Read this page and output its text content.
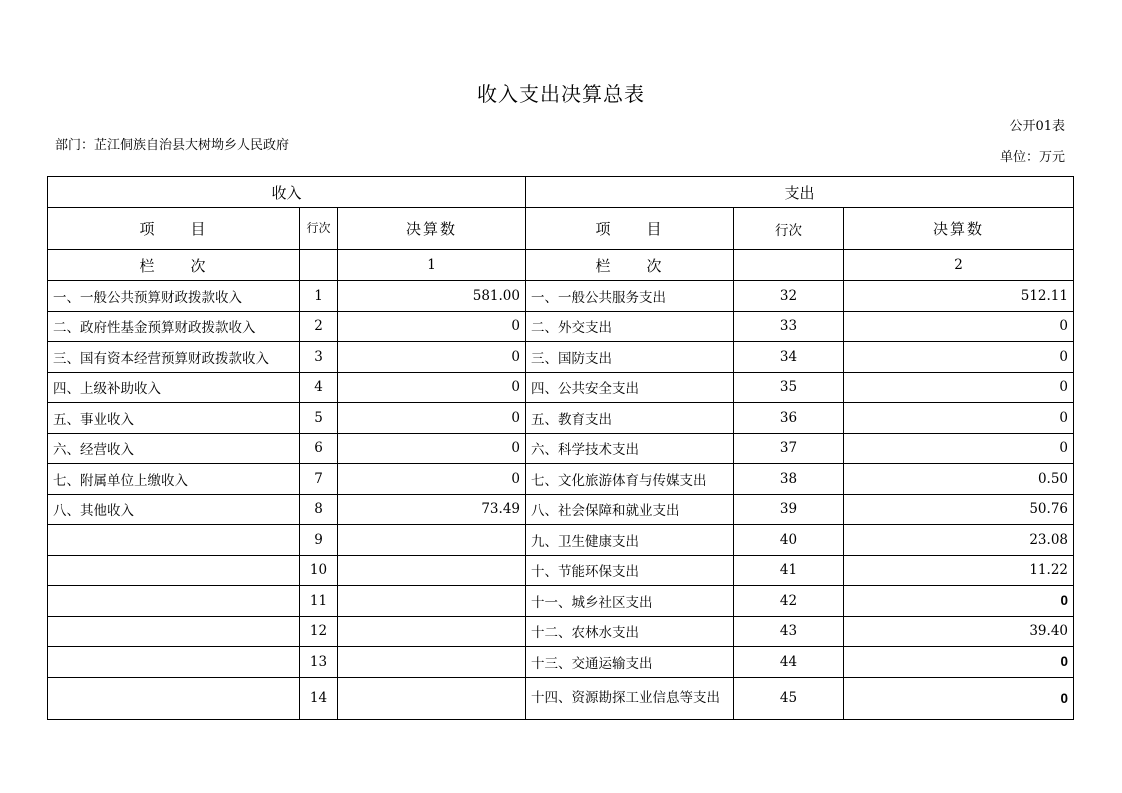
收入支出决算总表
公开01表
部门：芷江侗族自治县大树坳乡人民政府
单位：万元
收入			支出		
项　　目	行次	决算数	项　　目	行次	决算数
栏　　次		1	栏　　次		2
一、一般公共预算财政拨款收入	1	581.00	一、一般公共服务支出	32	512.11
二、政府性基金预算财政拨款收入	2	0	二、外交支出	33	0
三、国有资本经营预算财政拨款收入	3	0	三、国防支出	34	0
四、上级补助收入	4	0	四、公共安全支出	35	0
五、事业收入	5	0	五、教育支出	36	0
六、经营收入	6	0	六、科学技术支出	37	0
七、附属单位上缴收入	7	0	七、文化旅游体育与传媒支出	38	0.50
八、其他收入	8	73.49	八、社会保障和就业支出	39	50.76
	9		九、卫生健康支出	40	23.08
	10		十、节能环保支出	41	11.22
	11		十一、城乡社区支出	42	0
	12		十二、农林水支出	43	39.40
	13		十三、交通运输支出	44	0
	14		十四、资源勘探工业信息等支出	45	0
